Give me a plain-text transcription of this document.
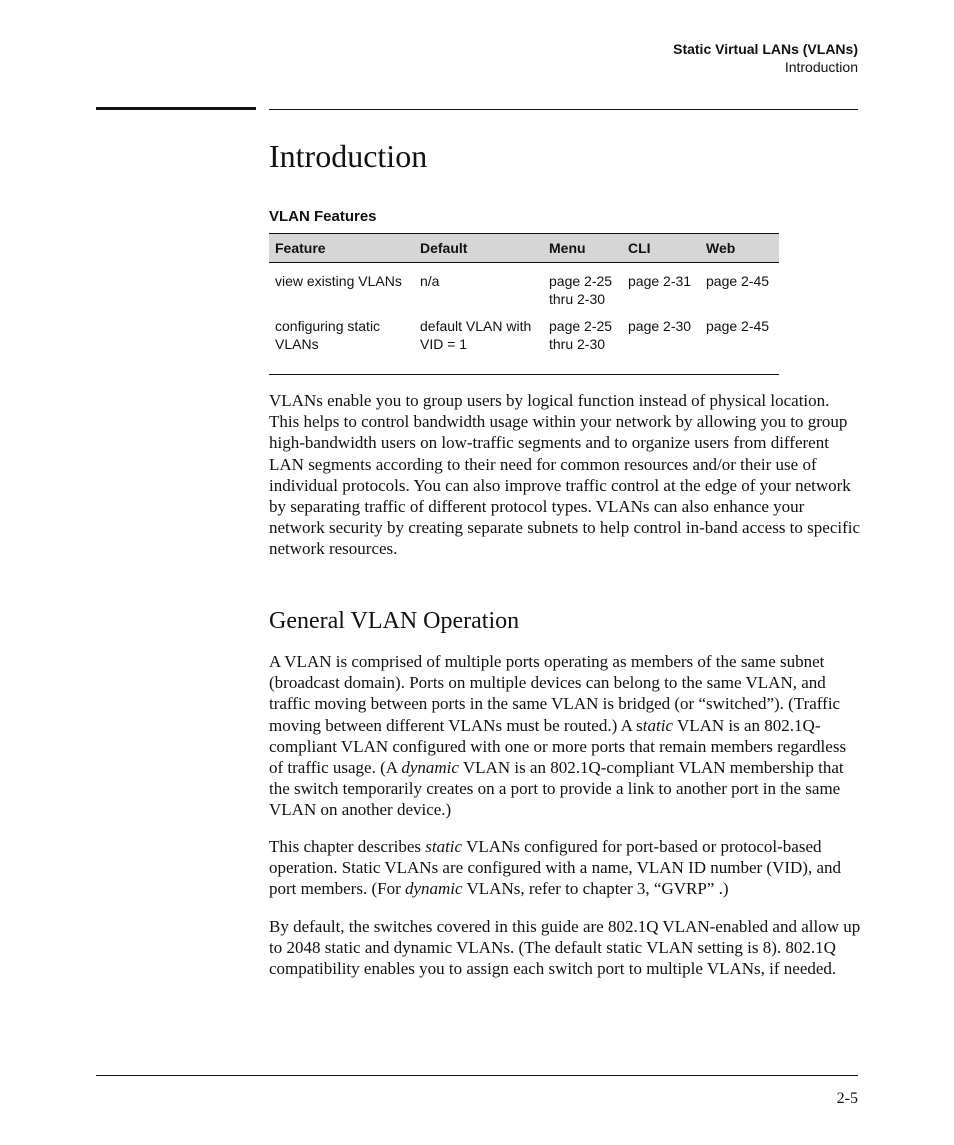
Static Virtual LANs (VLANs)
Introduction
Introduction
VLAN Features
Feature	Default	Menu	CLI	Web
view existing VLANs	n/a	page 2-25 thru 2-30	page 2-31	page 2-45
configuring static VLANs	default VLAN with VID = 1	page 2-25 thru 2-30	page 2-30	page 2-45

VLANs enable you to group users by logical function instead of physical location. This helps to control bandwidth usage within your network by allowing you to group high-bandwidth users on low-traffic segments and to organize users from different LAN segments according to their need for common resources and/or their use of individual protocols. You can also improve traffic control at the edge of your network by separating traffic of different protocol types. VLANs can also enhance your network security by creating separate subnets to help control in-band access to specific network resources.

General VLAN Operation

A VLAN is comprised of multiple ports operating as members of the same subnet (broadcast domain). Ports on multiple devices can belong to the same VLAN, and traffic moving between ports in the same VLAN is bridged (or “switched”). (Traffic moving between different VLANs must be routed.) A static VLAN is an 802.1Q-compliant VLAN configured with one or more ports that remain members regardless of traffic usage. (A dynamic VLAN is an 802.1Q-compliant VLAN membership that the switch temporarily creates on a port to provide a link to another port in the same VLAN on another device.)

This chapter describes static VLANs configured for port-based or protocol-based operation. Static VLANs are configured with a name, VLAN ID number (VID), and port members. (For dynamic VLANs, refer to chapter 3, “GVRP” .)

By default, the switches covered in this guide are 802.1Q VLAN-enabled and allow up to 2048 static and dynamic VLANs. (The default static VLAN setting is 8). 802.1Q compatibility enables you to assign each switch port to multiple VLANs, if needed.

2-5
